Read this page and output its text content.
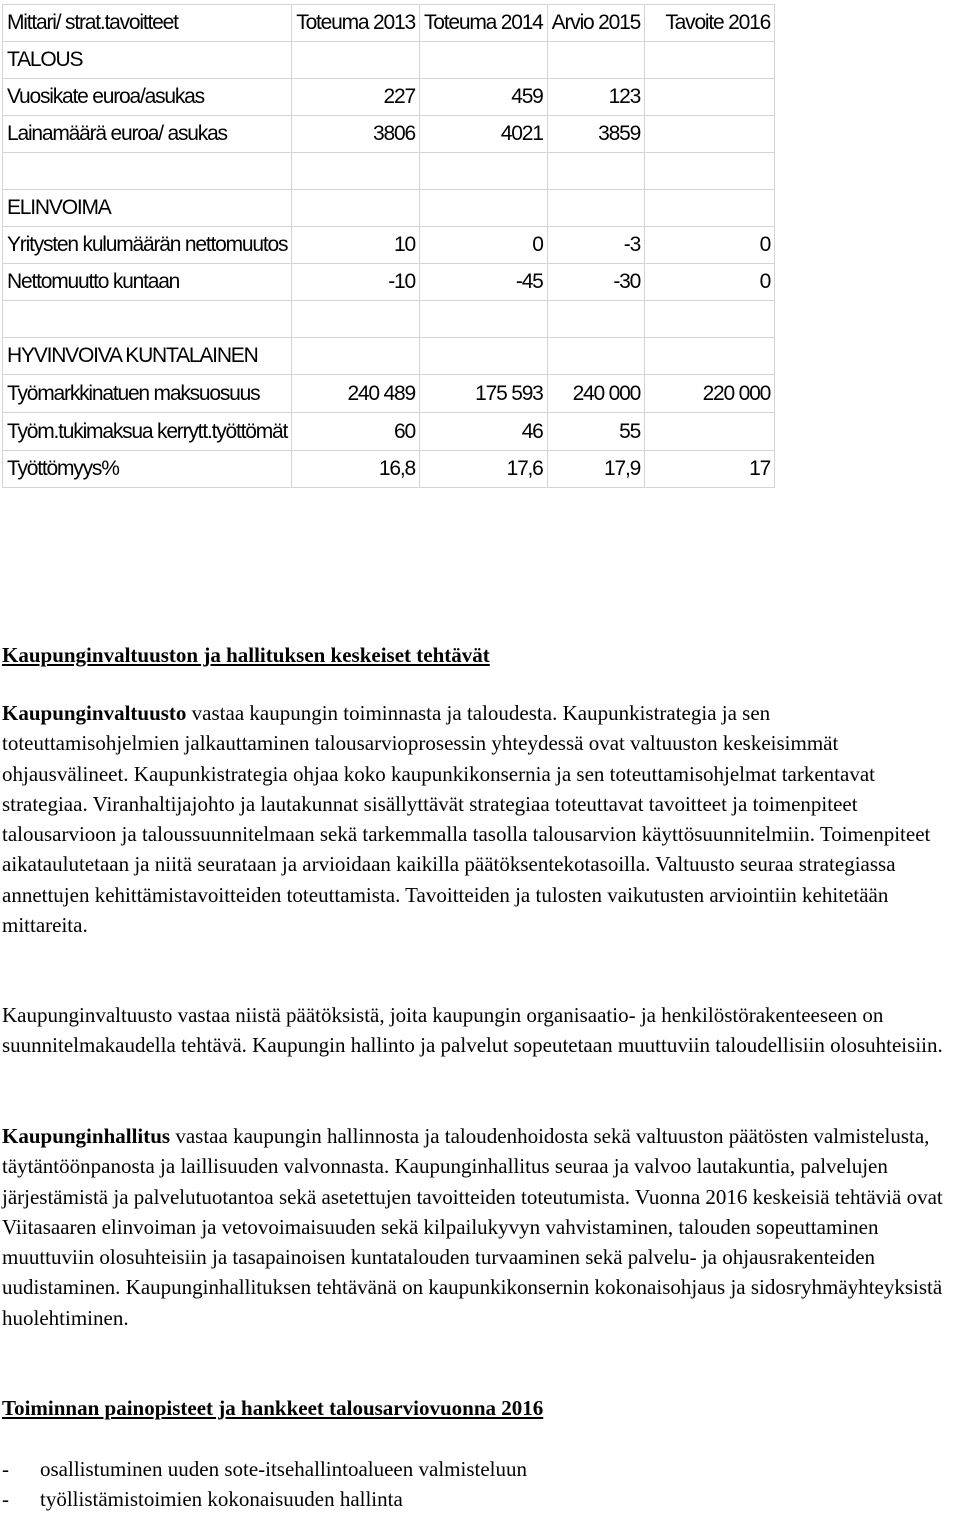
Mittari/ strat.tavoitteet	Toteuma 2013	Toteuma 2014	Arvio 2015	Tavoite 2016
TALOUS				
Vuosikate euroa/asukas	227	459	123	
Lainamäärä euroa/ asukas	3806	4021	3859	

ELINVOIMA				
Yritysten kulumäärän nettomuutos	10	0	-3	0
Nettomuutto kuntaan	-10	-45	-30	0

HYVINVOIVA KUNTALAINEN				
Työmarkkinatuen maksuosuus	240 489	175 593	240 000	220 000
Työm.tukimaksua kerrytt.työttömät	60	46	55	
Työttömyys%	16,8	17,6	17,9	17
Kaupunginvaltuuston ja hallituksen keskeiset tehtävät
Kaupunginvaltuusto vastaa kaupungin toiminnasta ja taloudesta. Kaupunkistrategia ja sen toteuttamisohjelmien jalkauttaminen talousarvioprosessin yhteydessä ovat valtuuston keskeisimmät ohjausvälineet. Kaupunkistrategia ohjaa koko kaupunkikonsernia ja sen toteuttamisohjelmat tarkentavat strategiaa. Viranhaltijajohto ja lautakunnat sisällyttävät strategiaa toteuttavat tavoitteet ja toimenpiteet talousarvioon ja taloussuunnitelmaan sekä tarkemmalla tasolla talousarvion käyttösuunnitelmiin. Toimenpiteet aikataulutetaan ja niitä seurataan ja arvioidaan kaikilla päätöksentekotasoilla. Valtuusto seuraa strategiassa annettujen kehittämistavoitteiden toteuttamista. Tavoitteiden ja tulosten vaikutusten arviointiin kehitetään mittareita.
Kaupunginvaltuusto vastaa niistä päätöksistä, joita kaupungin organisaatio- ja henkilöstörakenteeseen on suunnitelmakaudella tehtävä. Kaupungin hallinto ja palvelut sopeutetaan muuttuviin taloudellisiin olosuhteisiin.
Kaupunginhallitus vastaa kaupungin hallinnosta ja taloudenhoidosta sekä valtuuston päätösten valmistelusta, täytäntöönpanosta ja laillisuuden valvonnasta. Kaupunginhallitus seuraa ja valvoo lautakuntia, palvelujen järjestämistä ja palvelutuotantoa sekä asetettujen tavoitteiden toteutumista. Vuonna 2016 keskeisiä tehtäviä ovat Viitasaaren elinvoiman ja vetovoimaisuuden sekä kilpailukyvyn vahvistaminen, talouden sopeuttaminen muuttuviin olosuhteisiin ja tasapainoisen kuntatalouden turvaaminen sekä palvelu- ja ohjausrakenteiden uudistaminen. Kaupunginhallituksen tehtävänä on kaupunkikonsernin kokonaisohjaus ja sidosryhmäyhteyksistä huolehtiminen.
Toiminnan painopisteet ja hankkeet talousarviovuonna 2016
-	osallistuminen uuden sote-itsehallintoalueen valmisteluun
-	työllistämistoimien kokonaisuuden hallinta
